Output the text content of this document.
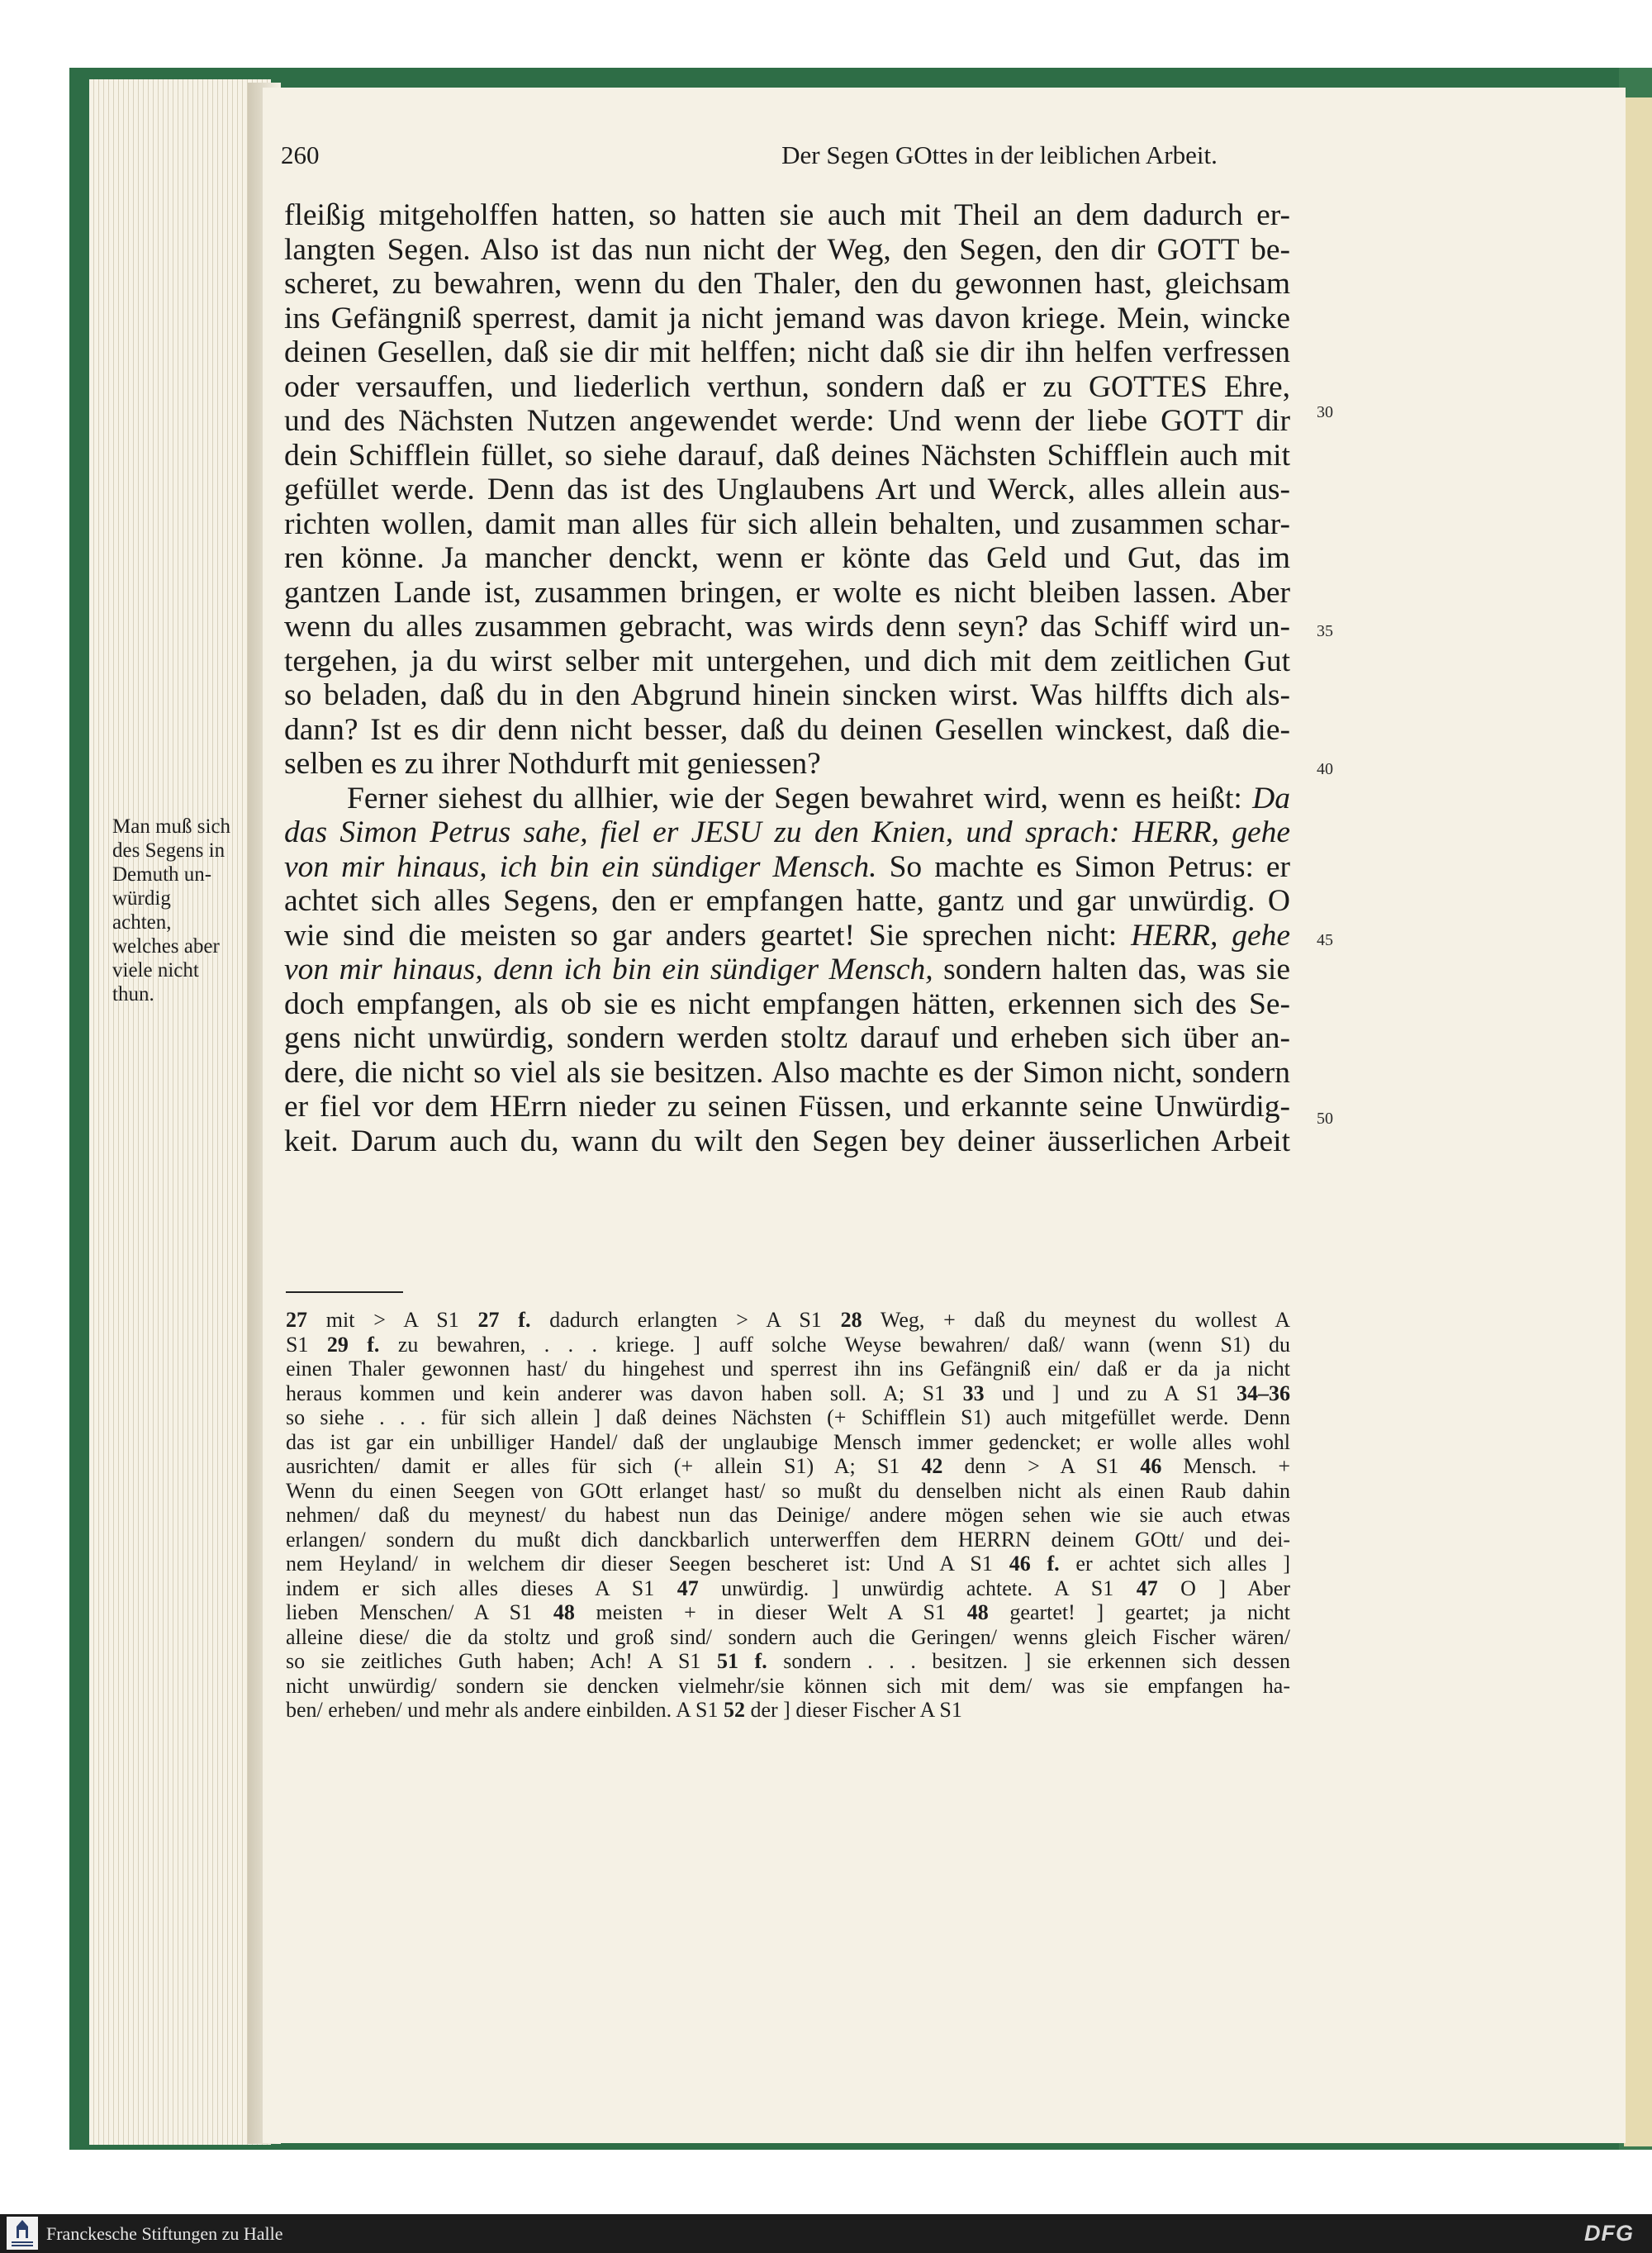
260	Der Segen GOttes in der leiblichen Arbeit.
Man muß sich
des Segens in
Demuth un-
würdig
achten,
welches aber
viele nicht
thun.
fleißig mitgeholffen hatten, so hatten sie auch mit Theil an dem dadurch er-
langten Segen. Also ist das nun nicht der Weg, den Segen, den dir GOTT be-
scheret, zu bewahren, wenn du den Thaler, den du gewonnen hast, gleichsam
ins Gefängniß sperrest, damit ja nicht jemand was davon kriege. Mein, wincke
deinen Gesellen, daß sie dir mit helffen; nicht daß sie dir ihn helfen verfressen
oder versauffen, und liederlich verthun, sondern daß er zu GOTTES Ehre,
und des Nächsten Nutzen angewendet werde: Und wenn der liebe GOTT dir
dein Schifflein füllet, so siehe darauf, daß deines Nächsten Schifflein auch mit
gefüllet werde. Denn das ist des Unglaubens Art und Werck, alles allein aus-
richten wollen, damit man alles für sich allein behalten, und zusammen schar-
ren könne. Ja mancher denckt, wenn er könte das Geld und Gut, das im
gantzen Lande ist, zusammen bringen, er wolte es nicht bleiben lassen. Aber
wenn du alles zusammen gebracht, was wirds denn seyn? das Schiff wird un-
tergehen, ja du wirst selber mit untergehen, und dich mit dem zeitlichen Gut
so beladen, daß du in den Abgrund hinein sincken wirst. Was hilffts dich als-
dann? Ist es dir denn nicht besser, daß du deinen Gesellen winckest, daß die-
selben es zu ihrer Nothdurft mit geniessen?
Ferner siehest du allhier, wie der Segen bewahret wird, wenn es heißt: Da
das Simon Petrus sahe, fiel er JESU zu den Knien, und sprach: HERR, gehe
von mir hinaus, ich bin ein sündiger Mensch. So machte es Simon Petrus: er
achtet sich alles Segens, den er empfangen hatte, gantz und gar unwürdig. O
wie sind die meisten so gar anders geartet! Sie sprechen nicht: HERR, gehe
von mir hinaus, denn ich bin ein sündiger Mensch, sondern halten das, was sie
doch empfangen, als ob sie es nicht empfangen hätten, erkennen sich des Se-
gens nicht unwürdig, sondern werden stoltz darauf und erheben sich über an-
dere, die nicht so viel als sie besitzen. Also machte es der Simon nicht, sondern
er fiel vor dem HErrn nieder zu seinen Füssen, und erkannte seine Unwürdig-
keit. Darum auch du, wann du wilt den Segen bey deiner äusserlichen Arbeit
30
35
40
45
50
27 mit > A S1 27 f. dadurch erlangten > A S1 28 Weg, + daß du meynest du wollest A
S1 29 f. zu bewahren, . . . kriege. ] auff solche Weyse bewahren/ daß/ wann (wenn S1) du
einen Thaler gewonnen hast/ du hingehest und sperrest ihn ins Gefängniß ein/ daß er da ja nicht
heraus kommen und kein anderer was davon haben soll. A; S1 33 und ] und zu A S1 34–36
so siehe . . . für sich allein ] daß deines Nächsten (+ Schifflein S1) auch mitgefüllet werde. Denn
das ist gar ein unbilliger Handel/ daß der unglaubige Mensch immer gedencket; er wolle alles wohl
ausrichten/ damit er alles für sich (+ allein S1) A; S1 42 denn > A S1 46 Mensch. +
Wenn du einen Seegen von GOtt erlanget hast/ so mußt du denselben nicht als einen Raub dahin
nehmen/ daß du meynest/ du habest nun das Deinige/ andere mögen sehen wie sie auch etwas
erlangen/ sondern du mußt dich danckbarlich unterwerffen dem HERRN deinem GOtt/ und dei-
nem Heyland/ in welchem dir dieser Seegen bescheret ist: Und A S1 46 f. er achtet sich alles ]
indem er sich alles dieses A S1 47 unwürdig. ] unwürdig achtete. A S1 47 O ] Aber
lieben Menschen/ A S1 48 meisten + in dieser Welt A S1 48 geartet! ] geartet; ja nicht
alleine diese/ die da stoltz und groß sind/ sondern auch die Geringen/ wenns gleich Fischer wären/
so sie zeitliches Guth haben; Ach! A S1 51 f. sondern . . . besitzen. ] sie erkennen sich dessen
nicht unwürdig/ sondern sie dencken vielmehr/sie können sich mit dem/ was sie empfangen ha-
ben/ erheben/ und mehr als andere einbilden. A S1 52 der ] dieser Fischer A S1
Franckesche Stiftungen zu Halle	DFG
